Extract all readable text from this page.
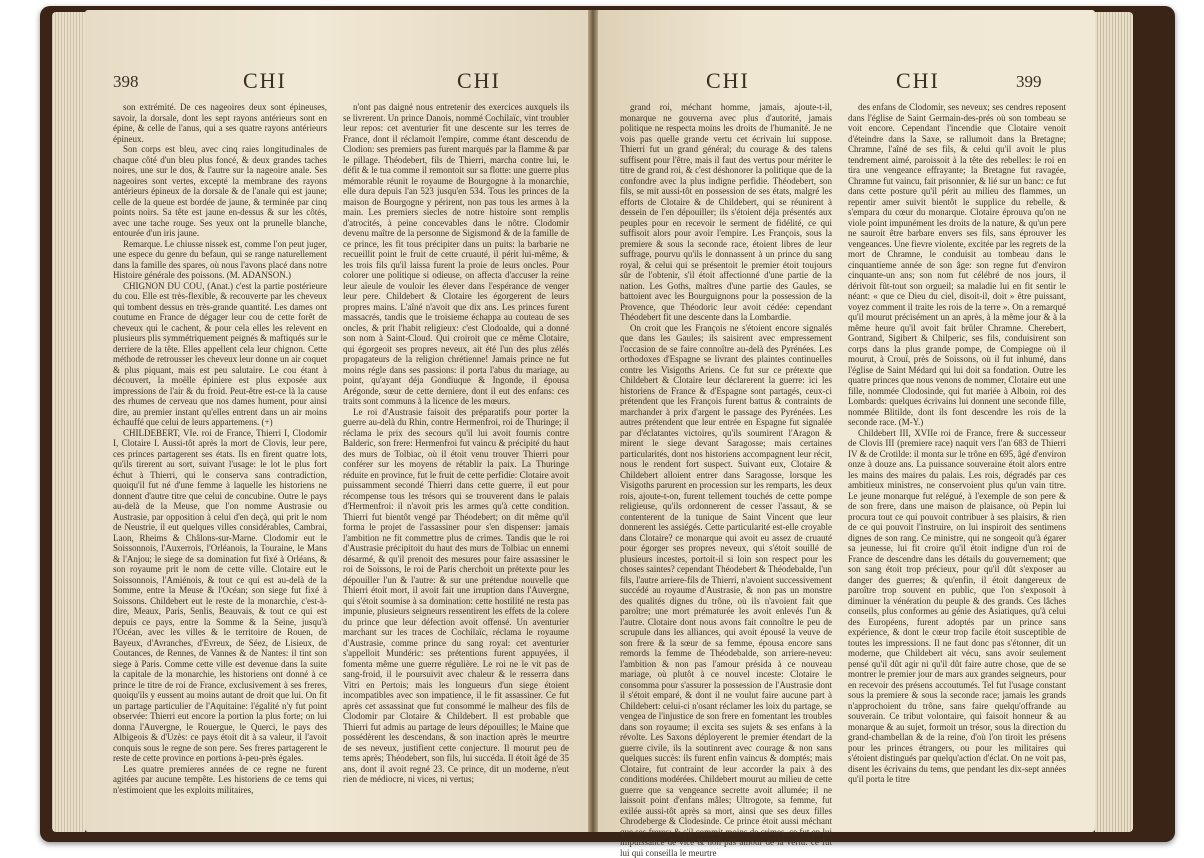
398	CHI	CHI

son extrémité. De ces nageoires deux sont épineuses, savoir, la dorsale, dont les sept rayons antérieurs sont en épine, & celle de l'anus, qui a ses quatre rayons antérieurs épineux.

Son corps est bleu, avec cinq raies longitudinales de chaque côté d'un bleu plus foncé, & deux grandes taches noires, une sur le dos, & l'autre sur la nageoire anale. Ses nageoires sont vertes, excepté la membrane des rayons antérieurs épineux de la dorsale & de l'anale qui est jaune; celle de la queue est bordée de jaune, & terminée par cinq points noirs. Sa tête est jaune en-dessus & sur les côtés, avec une tache rouge. Ses yeux ont la prunelle blanche, entourée d'un iris jaune.

Remarque. Le chiusse nissek est, comme l'on peut juger, une espece du genre du befaun, qui se range naturellement dans la famille des spares, où nous l'avons placé dans notre Histoire générale des poissons. (M. ADANSON.)

CHIGNON DU COU, (Anat.) c'est la partie postérieure du cou. Elle est très-flexible, & recouverte par les cheveux qui tombent dessus en très-grande quantité. Les dames ont coutume en France de dégager leur cou de cette forêt de cheveux qui le cachent, & pour cela elles les relevent en plusieurs plis symmétriquement peignés & maftiqués sur le derriere de la tête. Elles appellent cela leur chignon. Cette méthode de retrousser les cheveux leur donne un air coquet & plus piquant, mais est peu salutaire. Le cou étant à découvert, la moëlle épiniere est plus exposée aux impressions de l'air & du froid. Peut-être est-ce là la cause des rhumes de cerveau que nos dames hument, pour ainsi dire, au premier instant qu'elles entrent dans un air moins échauffé que celui de leurs appartemens. (+)

CHILDEBERT, VIe. roi de France, Thierri I, Clodomir I, Clotaire I. Aussi-tôt après la mort de Clovis, leur pere, ces princes partagerent ses états. Ils en firent quatre lots, qu'ils tirerent au sort, suivant l'usage: le lot le plus fort échut à Thierri, qui le conserva sans contradiction, quoiqu'il fut né d'une femme à laquelle les historiens ne donnent d'autre titre que celui de concubine. Outre le pays au-delà de la Meuse, que l'on nomme Austrasie ou Austrasie, par opposition à celui d'en deçà, qui prit le nom de Neustrie, il eut quelques villes considérables, Cambrai, Laon, Rheims & Châlons-sur-Marne. Clodomir eut le Soissonnois, l'Auxerrois, l'Orléanois, la Touraine, le Mans & l'Anjou; le siege de sa domination fut fixé à Orléans, & son royaume prit le nom de cette ville. Clotaire eut le Soissonnois, l'Amiénois, & tout ce qui est au-delà de la Somme, entre la Meuse & l'Océan; son siege fut fixé à Soissons. Childebert eut le reste de la monarchie, c'est-à-dire, Meaux, Paris, Senlis, Beauvais, & tout ce qui est depuis ce pays, entre la Somme & la Seine, jusqu'à l'Océan, avec les villes & le territoire de Rouen, de Bayeux, d'Avranches, d'Evreux, de Séez, de Lisieux, de Coutances, de Rennes, de Vannes & de Nantes: il tint son siege à Paris. Comme cette ville est devenue dans la suite la capitale de la monarchie, les historiens ont donné à ce prince le titre de roi de France, exclusivement à ses freres, quoiqu'ils y eussent au moins autant de droit que lui. On fit un partage particulier de l'Aquitaine: l'égalité n'y fut point observée: Thierri eut encore la portion la plus forte; on lui donna l'Auvergne, le Rouergue, le Querci, le pays des Albigeois & d'Uzès: ce pays étoit dit à sa valeur, il l'avoit conquis sous le regne de son pere. Ses freres partagerent le reste de cette province en portions à-peu-près égales.

Les quatre premieres années de ce regne ne furent agitées par aucune tempête. Les historiens de ce tems qui n'estimoient que les exploits militaires,

n'ont pas daigné nous entretenir des exercices auxquels ils se livrerent. Un prince Danois, nommé Cochilaïc, vint troubler leur repos: cet aventurier fit une descente sur les terres de France, dont il réclamoit l'empire, comme étant descendu de Clodion: ses premiers pas furent marqués par la flamme & par le pillage. Théodebert, fils de Thierri, marcha contre lui, le défit & le tua comme il remontoit sur sa flotte: une guerre plus mémorable réunit le royaume de Bourgogne à la monarchie, elle dura depuis l'an 523 jusqu'en 534. Tous les princes de la maison de Bourgogne y périrent, non pas tous les armes à la main. Les premiers siecles de notre histoire sont remplis d'atrocités, à peine concevables dans le nôtre. Clodomir devenu maître de la personne de Sigismond & de la famille de ce prince, les fit tous précipiter dans un puits: la barbarie ne recueillit point le fruit de cette cruauté, il périt lui-même, & les trois fils qu'il laissa furent la proie de leurs oncles. Pour colorer une politique si odieuse, on affecta d'accuser la reine leur aïeule de vouloir les élever dans l'espérance de venger leur pere. Childebert & Clotaire les égorgerent de leurs propres mains. L'aîné n'avoit que dix ans. Les princes furent massacrés, tandis que le troisieme échappa au couteau de ses oncles, & prit l'habit religieux: c'est Clodoalde, qui a donné son nom à Saint-Cloud. Qui croiroit que ce même Clotaire, qui égorgeoit ses propres neveux, ait été l'un des plus zélés propagateurs de la religion chrétienne! Jamais prince ne fut moins régle dans ses passions: il porta l'abus du mariage, au point, qu'ayant déja Gondiuque & Ingonde, il épousa Arégonde, sœur de cette derniere, dont il eut des enfans: ces traits sont communs à la licence de les mœurs.

Le roi d'Austrasie faisoit des préparatifs pour porter la guerre au-delà du Rhin, contre Hermenfroi, roi de Thuringe; il réclama le prix des secours qu'il lui avoit fournis contre Balderic, son frere: Hermenfroi fut vaincu & précipité du haut des murs de Tolbiac, où il étoit venu trouver Thierri pour conférer sur les moyens de rétablir la paix. La Thuringe réduite en province, fut le fruit de cette perfidie: Clotaire avoit puissamment secondé Thierri dans cette guerre, il eut pour récompense tous les trésors qui se trouverent dans le palais d'Hermenfroi: il n'avoit pris les armes qu'à cette condition. Thierri fut bientôt vengé par Théodebert; on dit même qu'il forma le projet de l'assassiner pour s'en dispenser: jamais l'ambition ne fit commettre plus de crimes. Tandis que le roi d'Austrasie précipitoit du haut des murs de Tolbiac un ennemi désarmé, & qu'il prenoit des mesures pour faire assassiner le roi de Soissons, le roi de Paris cherchoit un prétexte pour les dépouiller l'un & l'autre: & sur une prétendue nouvelle que Thierri étoit mort, il avoit fait une irruption dans l'Auvergne, qui s'étoit soumise à sa domination: cette hostilité ne resta pas impunie, plusieurs seigneurs ressentirent les effets de la colere du prince que leur défection avoit offensé. Un aventurier marchant sur les traces de Cochilaïc, réclama le royaume d'Austrasie, comme prince du sang royal: cet aventurier s'appelloit Mundéric: ses prétentions furent appuyées, il fomenta même une guerre régulière. Le roi ne le vit pas de sang-froid, il le poursuivit avec chaleur & le resserra dans Vitri en Pertois; mais les longueurs d'un siege étoient incompatibles avec son impatience, il le fit assassiner. Ce fut après cet assassinat que fut consommé le malheur des fils de Clodomir par Clotaire & Childebert. Il est probable que Thierri fut admis au partage de leurs dépouilles; le Maine que possédèrent les descendans, & son inaction après le meurtre de ses neveux, justifient cette conjecture. Il mourut peu de tems après; Théodebert, son fils, lui succéda. Il étoit âgé de 35 ans, dont il avoit regné 23. Ce prince, dit un moderne, n'eut rien de médiocre, ni vices, ni vertus;

CHI	CHI	399

grand roi, méchant homme, jamais, ajoute-t-il, monarque ne gouverna avec plus d'autorité, jamais politique ne respecta moins les droits de l'humanité. Je ne vois pas quelle grande vertu cet écrivain lui suppose. Thierri fut un grand général; du courage & des talens suffisent pour l'être, mais il faut des vertus pour mériter le titre de grand roi, & c'est déshonorer la politique que de la confondre avec la plus indigne perfidie. Théodebert, son fils, se mit aussi-tôt en possession de ses états, malgré les efforts de Clotaire & de Childebert, qui se réunirent à dessein de l'en dépouiller; ils s'étoient déja présentés aux peuples pour en recevoir le serment de fidélité, ce qui suffisoit alors pour avoir l'empire. Les François, sous la premiere & sous la seconde race, étoient libres de leur suffrage, pourvu qu'ils le donnassent à un prince du sang royal, & celui qui se présentoit le premier étoit toujours sûr de l'obtenir, s'il étoit affectionné d'une partie de la nation. Les Goths, maîtres d'une partie des Gaules, se battoient avec les Bourguignons pour la possession de la Provence, que Théodoric leur avoit cédée: cependant Théodebert fit une descente dans la Lombardie.

On croit que les François ne s'étoient encore signalés que dans les Gaules; ils saisirent avec empressement l'occasion de se faire connoître au-delà des Pyrénées. Les orthodoxes d'Espagne se livrant des plaintes continuelles contre les Visigoths Ariens. Ce fut sur ce prétexte que Childebert & Clotaire leur déclarerent la guerre: ici les historiens de France & d'Espagne sont partagés, ceux-ci prétendent que les François furent battus & contraints de marchander à prix d'argent le passage des Pyrénées. Les autres prétendent que leur entrée en Espagne fut signalée par d'éclatantes victoires, qu'ils soumirent l'Aragon & mirent le siege devant Saragosse; mais certaines particularités, dont nos historiens accompagnent leur récit, nous le rendent fort suspect. Suivant eux, Clotaire & Childebert alloient entrer dans Saragosse, lorsque les Visigoths parurent en procession sur les remparts, les deux rois, ajoute-t-on, furent tellement touchés de cette pompe religieuse, qu'ils ordonnerent de cesser l'assaut, & se contenterent de la tunique de Saint Vincent que leur donnerent les assiégés. Cette particularité est-elle croyable dans Clotaire? ce monarque qui avoit eu assez de cruauté pour égorger ses propres neveux, qui s'étoit souillé de plusieurs incestes, portoit-il si loin son respect pour les choses saintes? cependant Théodebert & Théodebalde, l'un fils, l'autre arriere-fils de Thierri, n'avoient successivement succédé au royaume d'Austrasie, & non pas un monstre des qualités dignes du trône, où ils n'avoient fait que paroître; une mort prématurée les avoit enlevés l'un & l'autre. Clotaire dont nous avons fait connoître le peu de scrupule dans les alliances, qui avoit épousé la veuve de son frere & la sœur de sa femme, épousa encore sans remords la femme de Théodebalde, son arriere-neveu: l'ambition & non pas l'amour présida à ce nouveau mariage, où plutôt à ce nouvel inceste: Clotaire le consomma pour s'assurer la possession de l'Austrasie dont il s'étoit emparé, & dont il ne voulut faire aucune part à Childebert: celui-ci n'osant réclamer les loix du partage, se vengea de l'injustice de son frere en fomentant les troubles dans son royaume; il excita ses sujets & ses enfans à la révolte. Les Saxons déployerent le premier étendart de la guerre civile, ils la soutinrent avec courage & non sans quelques succès: ils furent enfin vaincus & domptés; mais Clotaire, fut contraint de leur accorder la paix à des conditions modérées. Childebert mourut au milieu de cette guerre que sa vengeance secrette avoit allumée; il ne laissoit point d'enfans mâles; Ultrogote, sa femme, fut exilée aussi-tôt après sa mort, ainsi que ses deux filles Chrodeberge & Clodesinde. Ce prince étoit aussi méchant que ses freres; & s'il commit moins de crimes, ce fut en lui impuissance de vice & non pas amour de la vertu: ce fut lui qui conseilla le meurtre

des enfans de Clodomir, ses neveux; ses cendres reposent dans l'église de Saint Germain-des-prés où son tombeau se voit encore. Cependant l'incendie que Clotaire venoit d'éteindre dans la Saxe, se rallumoit dans la Bretagne; Chramne, l'aîné de ses fils, & celui qu'il avoit le plus tendrement aimé, paroissoit à la tête des rebelles: le roi en tira une vengeance effrayante; la Bretagne fut ravagée, Chramne fut vaincu, fait prisonnier, & lié sur un banc: ce fut dans cette posture qu'il périt au milieu des flammes, un repentir amer suivit bientôt le supplice du rebelle, & s'empara du cœur du monarque. Clotaire éprouva qu'on ne viole point impunément les droits de la nature, & qu'un pere ne sauroit être barbare envers ses fils, sans éprouver les vengeances. Une fievre violente, excitée par les regrets de la mort de Chramne, le conduisit au tombeau dans le cinquantieme année de son âge: son regne fut d'environ cinquante-un ans; son nom fut célébré de nos jours, il dérivoit fût-tout son orgueil; sa maladie lui en fit sentir le néant: « que ce Dieu du ciel, disoit-il, doit » être puissant, voyez comment il traite les rois de la terre ». On a remarqué qu'il mourut précisément un an après, à la même jour & à la même heure qu'il avoit fait brûler Chramne. Cherebert, Gontrand, Sigibert & Chilperic, ses fils, conduisirent son corps dans la plus grande pompe, de Compiegne où il mourut, à Crouï, près de Soissons, où il fut inhumé, dans l'église de Saint Médard qui lui doit sa fondation. Outre les quatre princes que nous venons de nommer, Clotaire eut une fille, nommée Clodosinde, qui fut mariée à Alboin, roi des Lombards: quelques écrivains lui donnent une seconde fille, nommée Blitilde, dont ils font descendre les rois de la seconde race. (M-Y.)

Childebert III, XVIIe roi de France, frere & successeur de Clovis III (premiere race) naquit vers l'an 683 de Thierri IV & de Crotilde: il monta sur le trône en 695, âgé d'environ onze à douze ans. La puissance souveraine étoit alors entre les mains des maires du palais. Les rois, dégradés par ces ambitieux ministres, ne conservoient plus qu'un vain titre. Le jeune monarque fut relégué, à l'exemple de son pere & de son frere, dans une maison de plaisance, où Pepin lui procura tout ce qui pouvoit contribuer à ses plaisirs, & rien de ce qui pouvoit l'instruire, on lui inspiroit des sentimens dignes de son rang. Ce ministre, qui ne songeoit qu'à égarer sa jeunesse, lui fit croire qu'il étoit indigne d'un roi de France de descendre dans les détails du gouvernement; que son sang étoit trop précieux, pour qu'il dût s'exposer au danger des guerres; & qu'enfin, il étoit dangereux de paroître trop souvent en public, que l'on s'exposoit à diminuer la vénération du peuple & des grands. Ces lâches conseils, plus conformes au génie des Asiatiques, qu'à celui des Européens, furent adoptés par un prince sans expérience, & dont le cœur trop facile étoit susceptible de toutes les impressions. Il ne faut donc pas s'étonner, dit un moderne, que Childebert ait vécu, sans avoir seulement pensé qu'il dût agir ni qu'il dût faire autre chose, que de se montrer le premier jour de mars aux grandes seigneurs, pour en recevoir des présens accoutumés. Tel fut l'usage constant sous la premiere & sous la seconde race; jamais les grands n'approchoient du trône, sans faire quelqu'offrande au souverain. Ce tribut volontaire, qui faisoit honneur & au monarque & au sujet, formoit un trésor, sous la direction du grand-chambellan & de la reine, d'où l'on tiroit les présens pour les princes étrangers, ou pour les militaires qui s'étoient distingués par quelqu'action d'éclat. On ne voit pas, disent les écrivains du tems, que pendant les dix-sept années qu'il porta le titre
